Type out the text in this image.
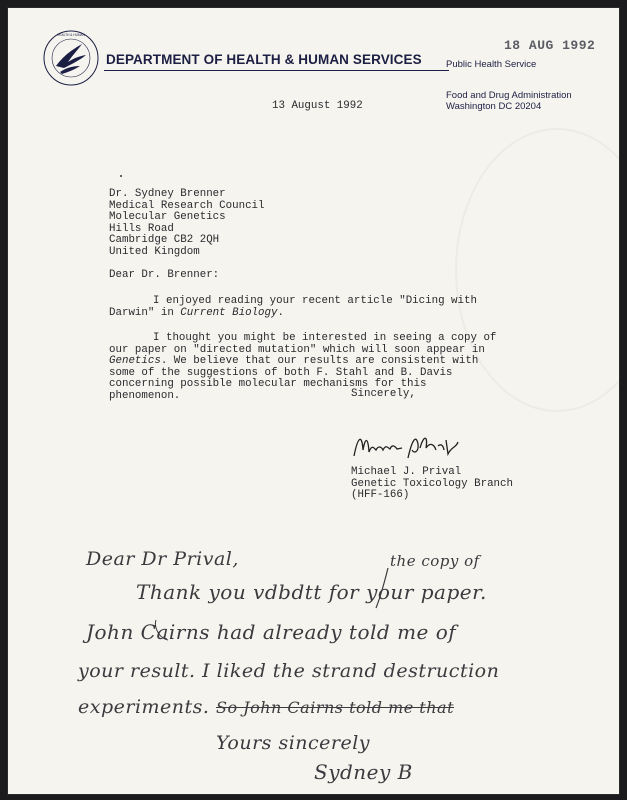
HEALTH & HUMAN
DEPARTMENT OF HEALTH & HUMAN SERVICES	Public Health Service
18 AUG 1992
Food and Drug Administration
Washington DC 20204
13 August 1992
Dr. Sydney Brenner
Medical Research Council
Molecular Genetics
Hills Road
Cambridge CB2 2QH
United Kingdom
Dear Dr. Brenner:
I enjoyed reading your recent article "Dicing with
Darwin" in Current Biology.
I thought you might be interested in seeing a copy of
our paper on "directed mutation" which will soon appear in
Genetics. We believe that our results are consistent with
some of the suggestions of both F. Stahl and B. Davis
concerning possible molecular mechanisms for this
phenomenon.	Sincerely,
Michael J. Prival
Genetic Toxicology Branch
(HFF-166)
Dear Dr Prival,	the copy of
Thank you vdbdtt for your paper.
John Cairns had already told me of
your result. I liked the strand destruction
experiments. So John Cairns told me that
Yours sincerely
Sydney B
